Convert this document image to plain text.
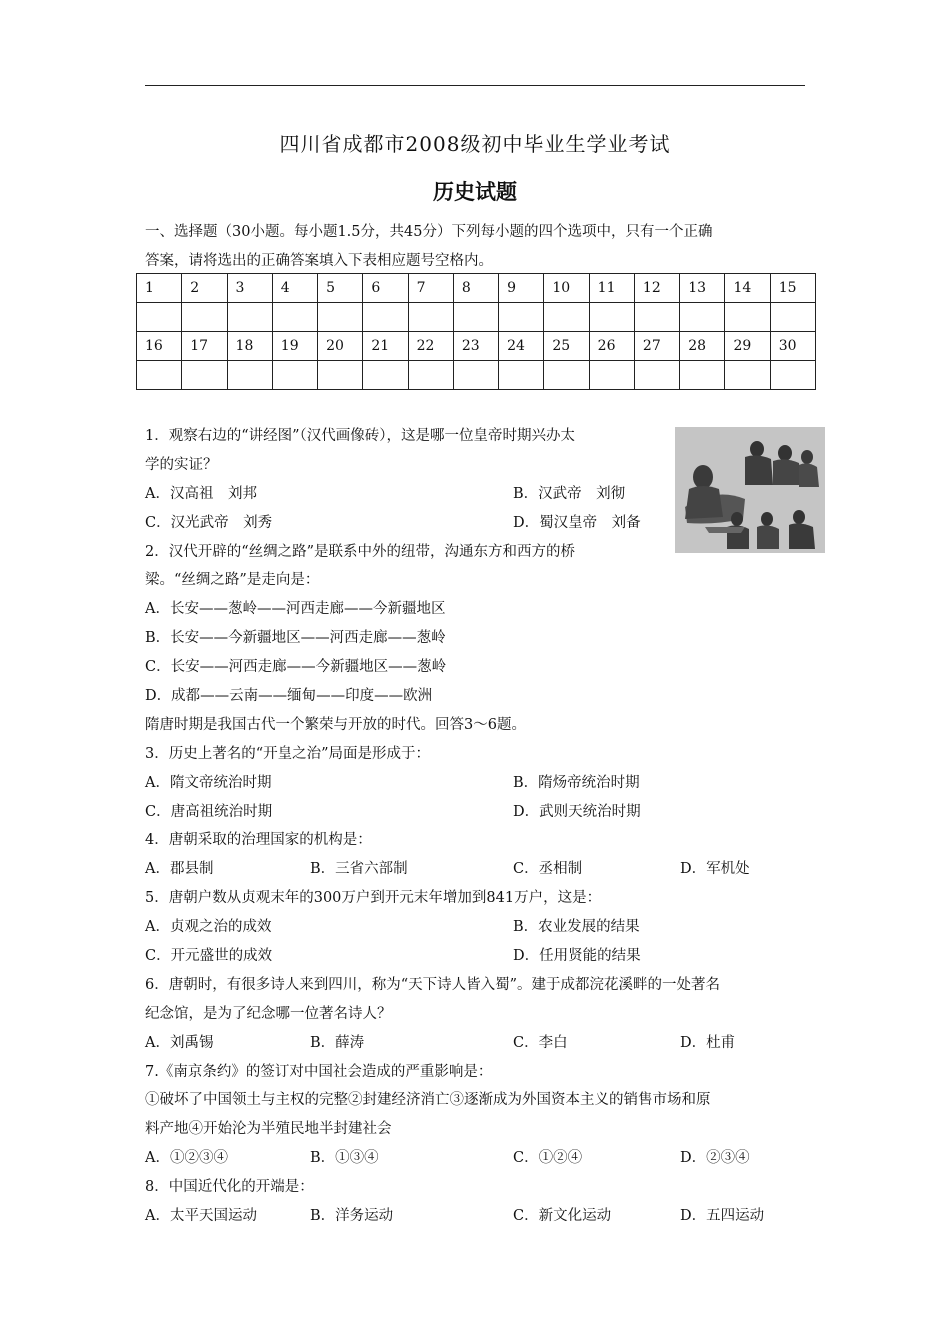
四川省成都市2008级初中毕业生学业考试
历史试题
一、选择题（30小题。每小题1.5分，共45分）下列每小题的四个选项中，只有一个正确
答案，请将选出的正确答案填入下表相应题号空格内。
1	2	3	4	5	6	7	8	9	10	11	12	13	14	15

16	17	18	19	20	21	22	23	24	25	26	27	28	29	30

1．观察右边的“讲经图”（汉代画像砖），这是哪一位皇帝时期兴办太
学的实证？
A．汉高祖　刘邦	B．汉武帝　刘彻
C．汉光武帝　刘秀	D．蜀汉皇帝　刘备
2．汉代开辟的“丝绸之路”是联系中外的纽带，沟通东方和西方的桥
梁。“丝绸之路”是走向是：
A．长安——葱岭——河西走廊——今新疆地区
B．长安——今新疆地区——河西走廊——葱岭
C．长安——河西走廊——今新疆地区——葱岭
D．成都——云南——缅甸——印度——欧洲
隋唐时期是我国古代一个繁荣与开放的时代。回答3～6题。
3．历史上著名的“开皇之治”局面是形成于：
A．隋文帝统治时期	B．隋炀帝统治时期
C．唐高祖统治时期	D．武则天统治时期
4．唐朝采取的治理国家的机构是：
A．郡县制	B．三省六部制	C．丞相制	D．军机处
5．唐朝户数从贞观末年的300万户到开元末年增加到841万户，这是：
A．贞观之治的成效	B．农业发展的结果
C．开元盛世的成效	D．任用贤能的结果
6．唐朝时，有很多诗人来到四川，称为“天下诗人皆入蜀”。建于成都浣花溪畔的一处著名
纪念馆，是为了纪念哪一位著名诗人？
A．刘禹锡	B．薛涛	C．李白	D．杜甫
7.《南京条约》的签订对中国社会造成的严重影响是：
①破坏了中国领土与主权的完整②封建经济消亡③逐渐成为外国资本主义的销售市场和原
料产地④开始沦为半殖民地半封建社会
A．①②③④	B．①③④	C．①②④	D．②③④
8．中国近代化的开端是：
A．太平天国运动	B．洋务运动	C．新文化运动	D．五四运动
